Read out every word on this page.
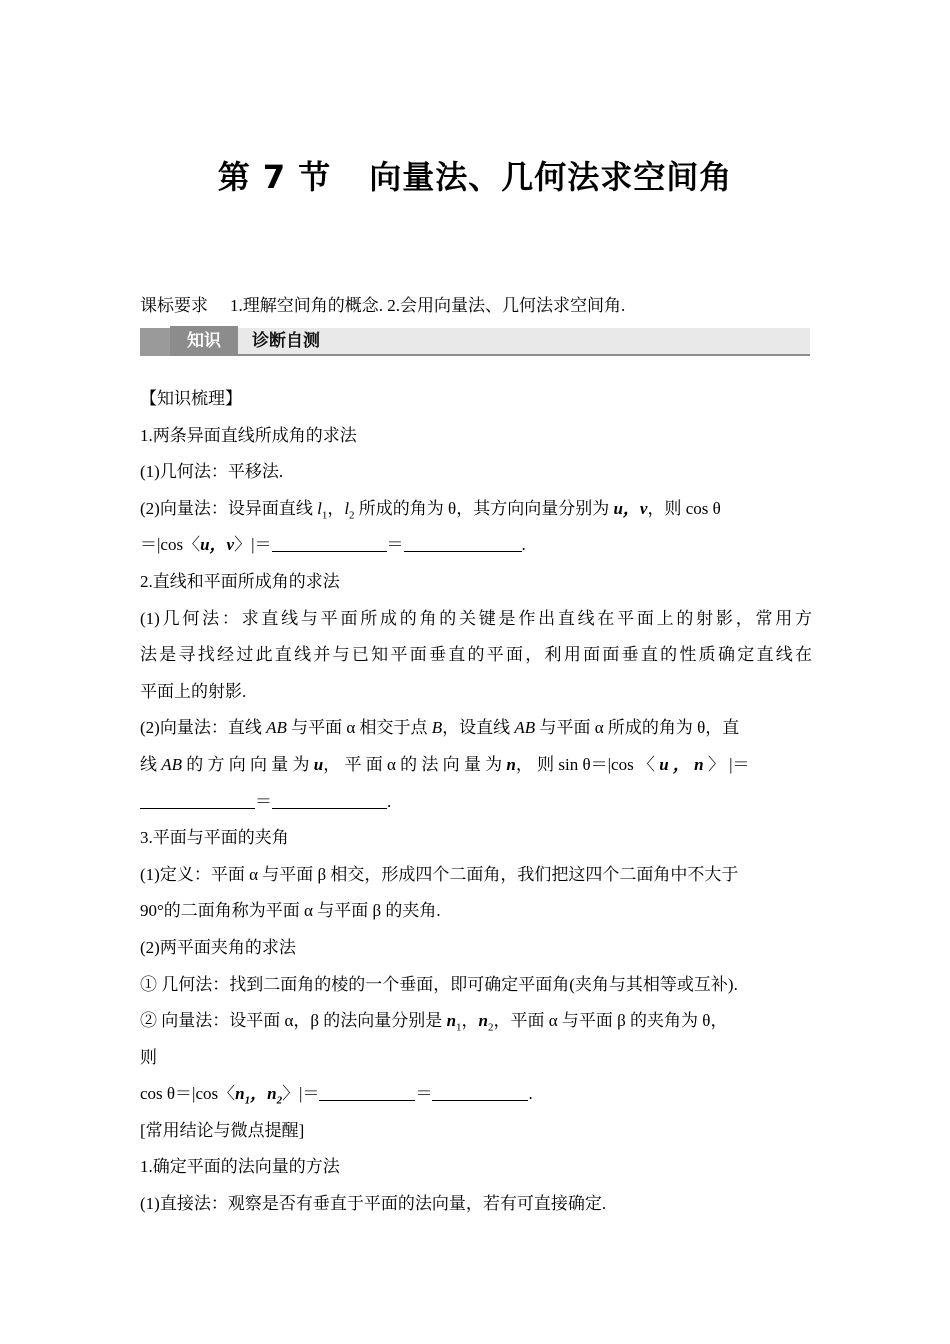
第 7 节 向量法、几何法求空间角
课标要求 1.理解空间角的概念. 2.会用向量法、几何法求空间角.
知识	诊断自测
【知识梳理】
1.两条异面直线所成角的求法
(1)几何法：平移法.
(2)向量法：设异面直线 $l_1$，$l_2$ 所成的角为 θ，其方向向量分别为 u，v，则 cos θ
＝|cos〈u，v〉|＝	＝	.
2.直线和平面所成角的求法
(1)几何法：求直线与平面所成的角的关键是作出直线在平面上的射影，常用方
法是寻找经过此直线并与已知平面垂直的平面，利用面面垂直的性质确定直线在
平面上的射影.
(2)向量法：直线 AB 与平面 α 相交于点 B，设直线 AB 与平面 α 所成的角为 θ，直
线 AB 的 方 向 向 量 为 u， 平 面 α 的 法 向 量 为 n， 则 sin θ＝|cos 〈 u ， n 〉 |＝
＝	.
3.平面与平面的夹角
(1)定义：平面 α 与平面 β 相交，形成四个二面角，我们把这四个二面角中不大于
90°的二面角称为平面 α 与平面 β 的夹角.
(2)两平面夹角的求法
① 几何法：找到二面角的棱的一个垂面，即可确定平面角(夹角与其相等或互补).
② 向量法：设平面 α，β 的法向量分别是 $n_1$，$n_2$，平面 α 与平面 β 的夹角为 θ，
则
cos θ＝|cos〈$n_1$，$n_2$〉|＝	＝	.
[常用结论与微点提醒]
1.确定平面的法向量的方法
(1)直接法：观察是否有垂直于平面的法向量，若有可直接确定.
